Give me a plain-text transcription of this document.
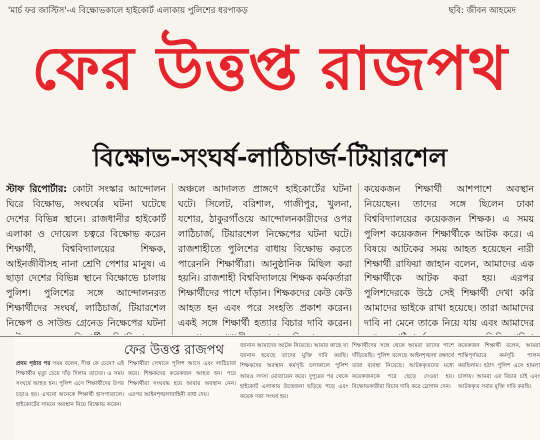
'মার্চ ফর জাস্টিস'-এ বিক্ষোভকালে হাইকোর্ট এলাকায় পুলিশের ধরপাকড়	ছবি: জীবন আহমেদ
ফের উত্তপ্ত রাজপথ
বিক্ষোভ-সংঘর্ষ-লাঠিচার্জ-টিয়ারশেল
স্টাফ রিপোর্টার: কোটা সংস্কার আন্দোলন ঘিরে বিক্ষোভ, সংঘর্ষের ঘটনা ঘটেছে দেশের বিভিন্ন স্থানে। রাজধানীর হাইকোর্ট এলাকা ও দোয়েল চত্বরে বিক্ষোভ করেন শিক্ষার্থী, বিশ্ববিদ্যালয়ের শিক্ষক, আইনজীবীসহ নানা শ্রেণি পেশার মানুষ। এ ছাড়া দেশের বিভিন্ন স্থানে বিক্ষোভে চালায় পুলিশ। পুলিশের সঙ্গে আন্দোলনরত শিক্ষার্থীদের সংঘর্ষ, লাঠিচার্জ, টিয়ারশেল নিক্ষেপ ও সাউন্ড গ্রেনেড নিক্ষেপের ঘটনা
অঞ্চলে আদালত প্রাঙ্গণে হাইকোর্টের ঘটনা ঘটে। সিলেট, বরিশাল, গাজীপুর, খুলনা, যশোর, ঠাকুরগাঁওয়ে আন্দোলনকারীদের ওপর লাঠিচার্জ, টিয়ারশেল নিক্ষেপের ঘটনা ঘটে। রাজশাহীতে পুলিশের বাধায় বিক্ষোভ করতে পারেননি শিক্ষার্থীরা। আনুষ্ঠানিক মিছিল করা হয়নি। রাজশাহী বিশ্ববিদ্যালয়ে শিক্ষক কর্মকর্তারা শিক্ষার্থীদের পাশে দাঁড়ান। শিক্ষকদের কেউ কেউ আহত হন এবং পরে সংহতি প্রকাশ করেন। একই সঙ্গে শিক্ষার্থী হত্যার বিচার দাবি করেন।
কয়েকজন শিক্ষার্থী আশপাশে অবস্থান নিয়েছেন। তাদের সঙ্গে ছিলেন ঢাকা বিশ্ববিদ্যালয়ের কয়েকজন শিক্ষক। এ সময় পুলিশ কয়েকজন শিক্ষার্থীকে আটক করে। এ বিষয়ে আটকের সময় আহত হয়েছেন নারী শিক্ষার্থী রাফিয়া জাহান বলেন, আমাদের এক শিক্ষার্থীকে আটক করা হয়। এরপর পুলিশদেরকে উঠে সেই শিক্ষার্থী দেখা করি আমাদের ভাইকে রাখা হয়েছে। তারা আমাদের দাবি না মেনে তাকে নিয়ে যায় এবং আমাদের
ফের উত্তপ্ত রাজপথ
প্রথম পৃষ্ঠার পর সময় বলেন, দীপ্ত কে চেনে? এই শিক্ষার্থীর মৃত্যু চেয়ে দাঁড় দিলাম তাদের। এ সময় সংঘর্ষে আহত হন। পুলিশ এসে শিক্ষার্থীদের উপর চড়াও হয়। এখনো অনেকে শিক্ষার্থী হাসপাতালে। হাইকোর্টের সামনে অবস্থান নিয়ে বিক্ষোভ করেন।
শিক্ষার্থীরা সেখানে পুলিশ আসে এবং লাঠিচার্জ করে। শিক্ষকদের কয়েকজন আহত হন। পরে শিক্ষার্থীরা সংঘবদ্ধ হয়ে আবার অবস্থান নেন। এরপর আইনশৃঙ্খলাবাহিনী বাধা দেয়।
জানান আমাদের আটক নিয়েছে। আমার কাছে যা জানান হয়েছে তাদের মুক্তি দাবি করছি। শিক্ষকদের অবস্থান কর্মসূচি চলাকালে পুলিশ আরও সদস্য মোতায়েন করে। দুপুরের পর থেকে হাইকোর্ট এলাকায় উত্তেজনা ছড়িয়ে পড়ে এবং কয়েক দফা সংঘর্ষ হয়।
শিক্ষার্থীদের সঙ্গে থেকে আমরা তাদের পাশে দাঁড়িয়েছি। পুলিশ বলেছে আইনশৃঙ্খলা রক্ষার্থে তারা ব্যবস্থা নিয়েছে। আটককৃতদের মধ্যে কয়েকজনকে পরে ছেড়ে দেওয়া হয়। বিক্ষোভকারীরা বিচার দাবি করে স্লোগান দেন।
কয়েকজন শিক্ষার্থী বলেন, আমরা শান্তিপূর্ণভাবে কর্মসূচি পালন করছিলাম। হঠাৎ পুলিশ এসে হামলা চালায়। আমরা এর বিচার চাই এবং আটককৃত সবার মুক্তি দাবি করছি।
